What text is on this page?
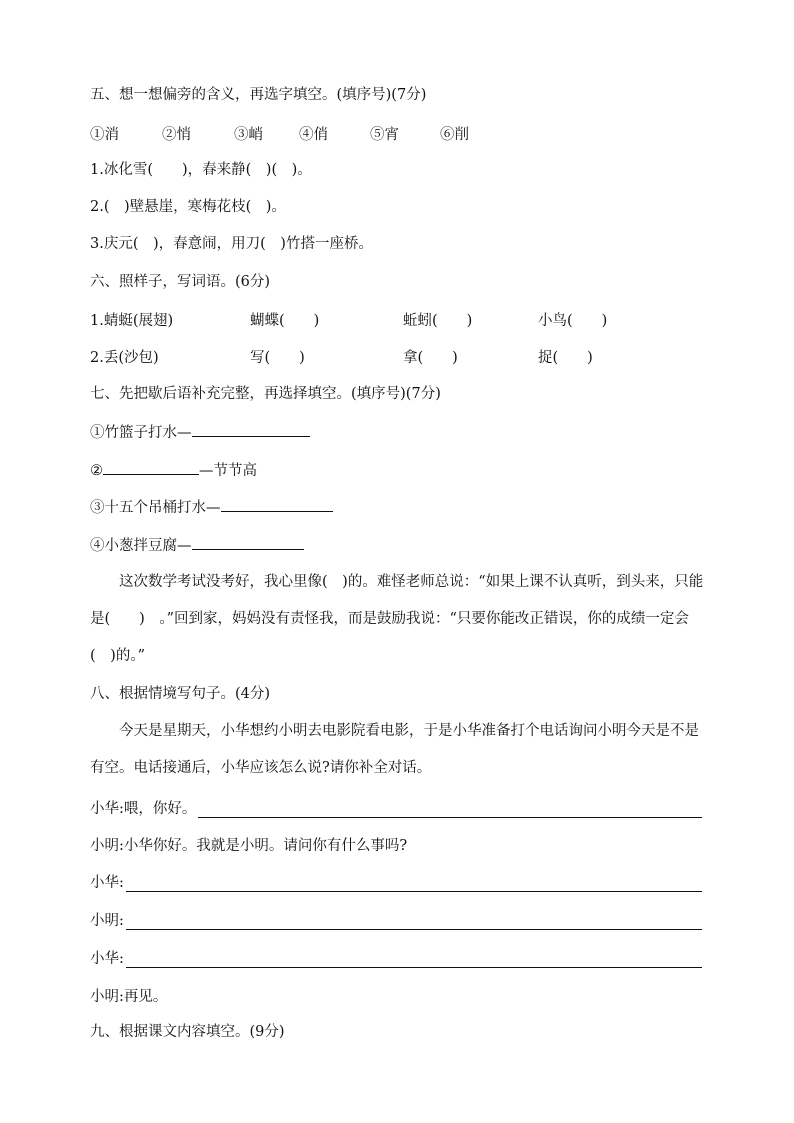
五、想一想偏旁的含义，再选字填空。(填序号)(7分)
①消	②悄	③峭 ④俏	⑤宵	⑥削
1.冰化雪(　　)，春来静(　)(　)。
2.(　)壁悬崖，寒梅花枝(　)。
3.庆元(　)，春意闹，用刀(　)竹搭一座桥。
六、照样子，写词语。(6分)
1.蜻蜓(展翅)	蝴蝶(　　)	蚯蚓(　　)	小鸟(　　)
2.丢(沙包)	写(　　)	拿(　　)	捉(　　)
七、先把歇后语补充完整，再选择填空。(填序号)(7分)
①竹篮子打水—
②	—节节高
③十五个吊桶打水—
④小葱拌豆腐—
这次数学考试没考好，我心里像(　)的。难怪老师总说：“如果上课不认真听，到头来，只能是(　　)　。”回到家，妈妈没有责怪我，而是鼓励我说：“只要你能改正错误，你的成绩一定会(　)的。”
八、根据情境写句子。(4分)
今天是星期天，小华想约小明去电影院看电影，于是小华准备打个电话询问小明今天是不是有空。电话接通后，小华应该怎么说?请你补全对话。
小华:喂，你好。
小明:小华你好。我就是小明。请问你有什么事吗?
小华:
小明:
小华:
小明:再见。
九、根据课文内容填空。(9分)
